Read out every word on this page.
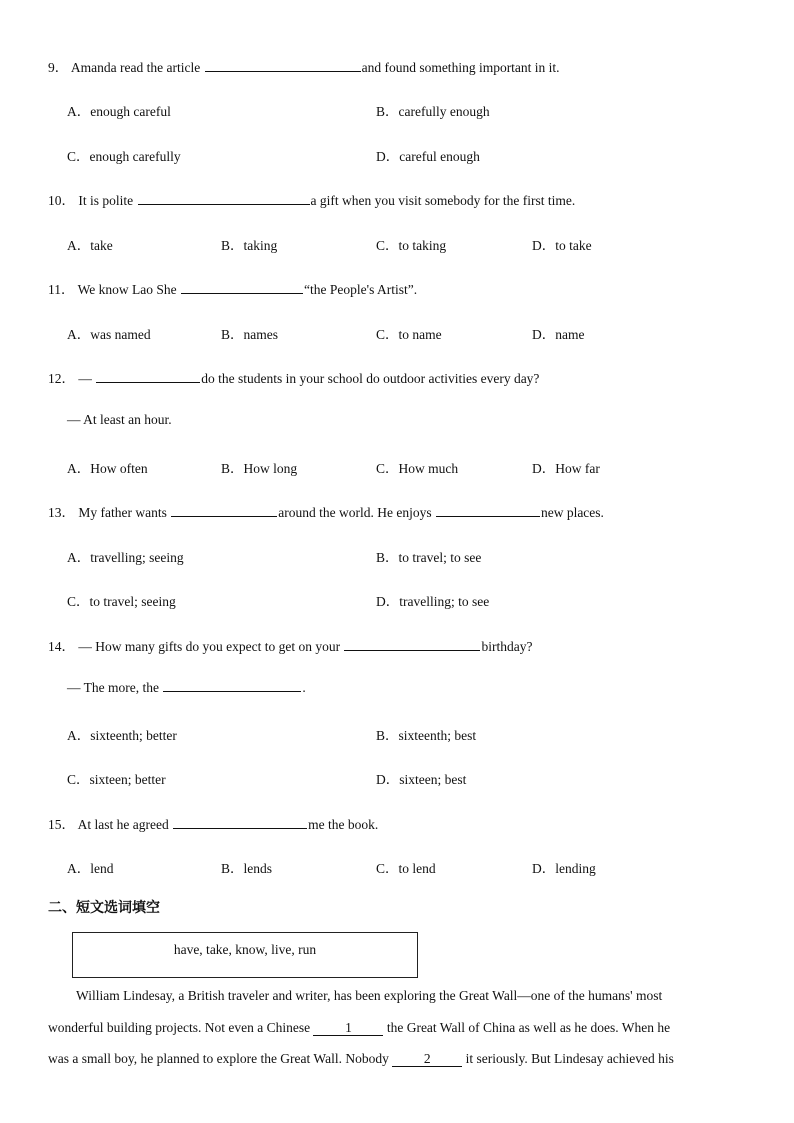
9． Amanda read the article	and found something important in it.
A．enough careful	B．carefully enough
C．enough carefully	D．careful enough
10． It is polite	a gift when you visit somebody for the first time.
A．take	B．taking	C．to taking	D．to take
11． We know Lao She	“the People's Artist”.
A．was named	B．names	C．to name	D．name
12． —	do the students in your school do outdoor activities every day?
— At least an hour.
A．How often	B．How long	C．How much	D．How far
13． My father wants	around the world. He enjoys	new places.
A．travelling; seeing	B．to travel; to see
C．to travel; seeing	D．travelling; to see
14． — How many gifts do you expect to get on your	birthday?
— The more, the	.
A．sixteenth; better	B．sixteenth; best
C．sixteen; better	D．sixteen; best
15． At last he agreed	me the book.
A．lend	B．lends	C．to lend	D．lending
二、短文选词填空
have, take, know, live, run
William Lindesay, a British traveler and writer, has been exploring the Great Wall—one of the humans' most
wonderful building projects. Not even a Chinese	1	the Great Wall of China as well as he does. When he
was a small boy, he planned to explore the Great Wall. Nobody	2	it seriously. But Lindesay achieved his
